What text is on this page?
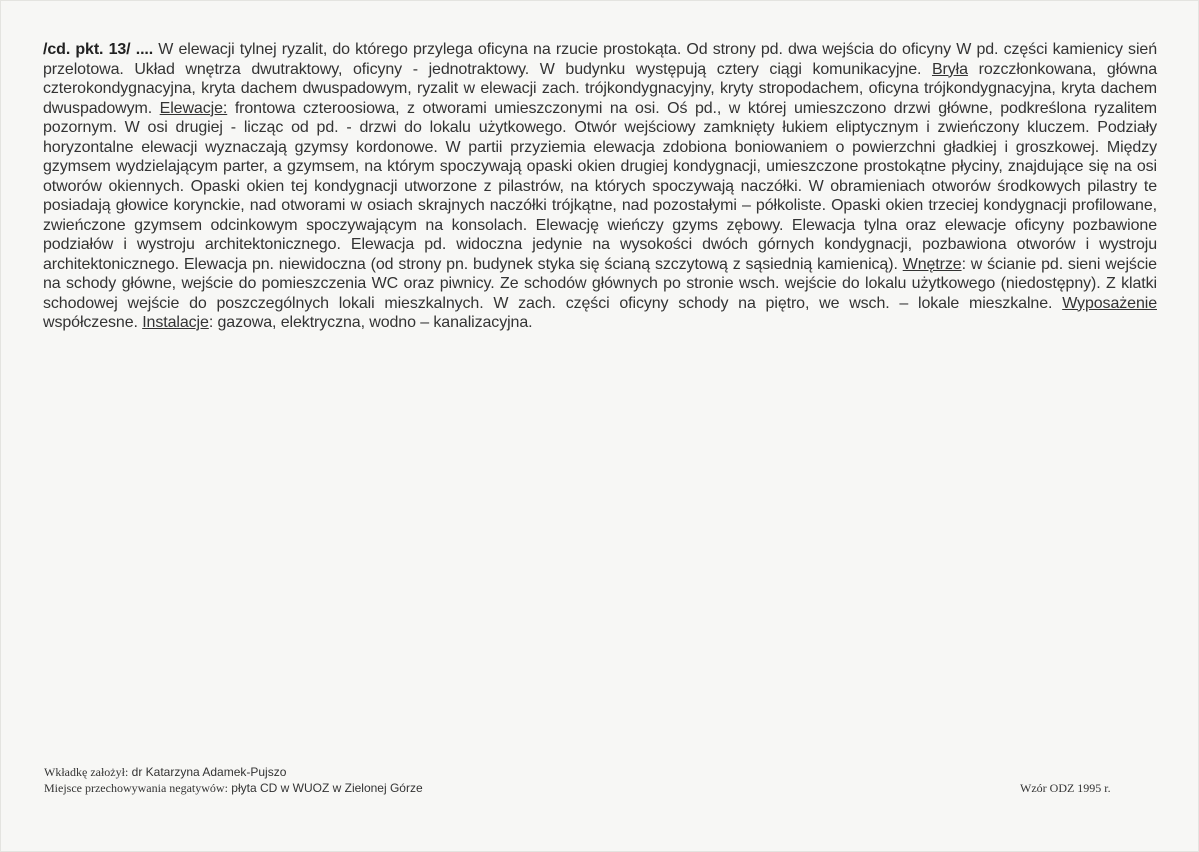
/cd. pkt. 13/ .... W elewacji tylnej ryzalit, do którego przylega oficyna na rzucie prostokąta. Od strony pd. dwa wejścia do oficyny W pd. części kamienicy sień przelotowa. Układ wnętrza dwutraktowy, oficyny - jednotraktowy. W budynku występują cztery ciągi komunikacyjne. Bryła rozczłonkowana, główna czterokondygnacyjna, kryta dachem dwuspadowym, ryzalit w elewacji zach. trójkondygnacyjny, kryty stropodachem, oficyna trójkondygnacyjna, kryta dachem dwuspadowym. Elewacje: frontowa czteroosiowa, z otworami umieszczonymi na osi. Oś pd., w której umieszczono drzwi główne, podkreślona ryzalitem pozornym. W osi drugiej - licząc od pd. - drzwi do lokalu użytkowego. Otwór wejściowy zamknięty łukiem eliptycznym i zwieńczony kluczem. Podziały horyzontalne elewacji wyznaczają gzymsy kordonowe. W partii przyziemia elewacja zdobiona boniowaniem o powierzchni gładkiej i groszkowej. Między gzymsem wydzielającym parter, a gzymsem, na którym spoczywają opaski okien drugiej kondygnacji, umieszczone prostokątne płyciny, znajdujące się na osi otworów okiennych. Opaski okien tej kondygnacji utworzone z pilastrów, na których spoczywają naczółki. W obramieniach otworów środkowych pilastry te posiadają głowice korynckie, nad otworami w osiach skrajnych naczółki trójkątne, nad pozostałymi – półkoliste. Opaski okien trzeciej kondygnacji profilowane, zwieńczone gzymsem odcinkowym spoczywającym na konsolach. Elewację wieńczy gzyms zębowy. Elewacja tylna oraz elewacje oficyny pozbawione podziałów i wystroju architektonicznego. Elewacja pd. widoczna jedynie na wysokości dwóch górnych kondygnacji, pozbawiona otworów i wystroju architektonicznego. Elewacja pn. niewidoczna (od strony pn. budynek styka się ścianą szczytową z sąsiednią kamienicą). Wnętrze: w ścianie pd. sieni wejście na schody główne, wejście do pomieszczenia WC oraz piwnicy. Ze schodów głównych po stronie wsch. wejście do lokalu użytkowego (niedostępny). Z klatki schodowej wejście do poszczególnych lokali mieszkalnych. W zach. części oficyny schody na piętro, we wsch. – lokale mieszkalne. Wyposażenie współczesne. Instalacje: gazowa, elektryczna, wodno – kanalizacyjna.
Wkładkę założył: dr Katarzyna Adamek-Pujszo
Miejsce przechowywania negatywów: płyta CD w WUOZ w Zielonej Górze	Wzór ODZ 1995 r.
